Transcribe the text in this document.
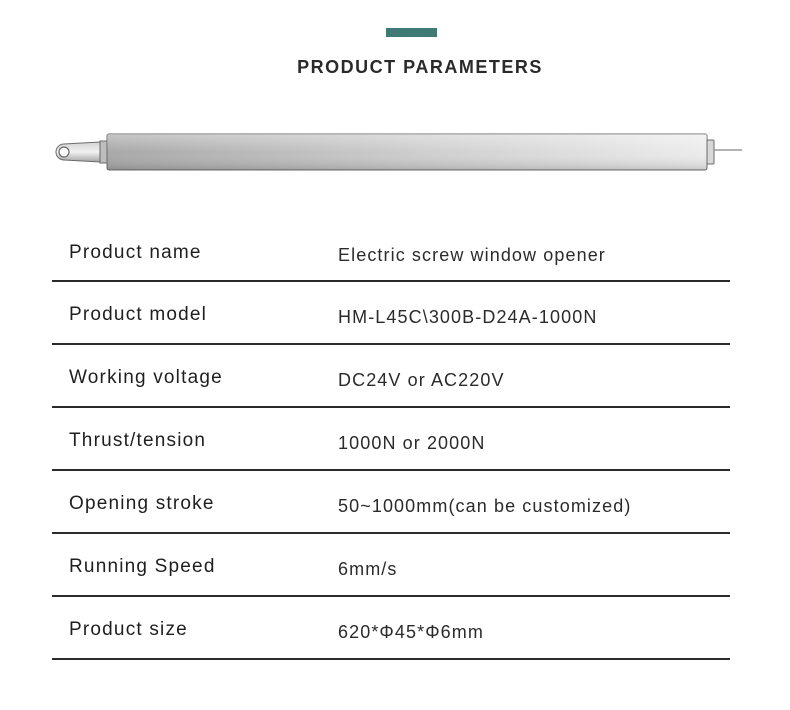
PRODUCT PARAMETERS
Product name	Electric screw window opener
Product model	HM-L45C\300B-D24A-1000N
Working voltage	DC24V or AC220V
Thrust/tension	1000N or 2000N
Opening stroke	50~1000mm(can be customized)
Running Speed	6mm/s
Product size	620*Φ45*Φ6mm
